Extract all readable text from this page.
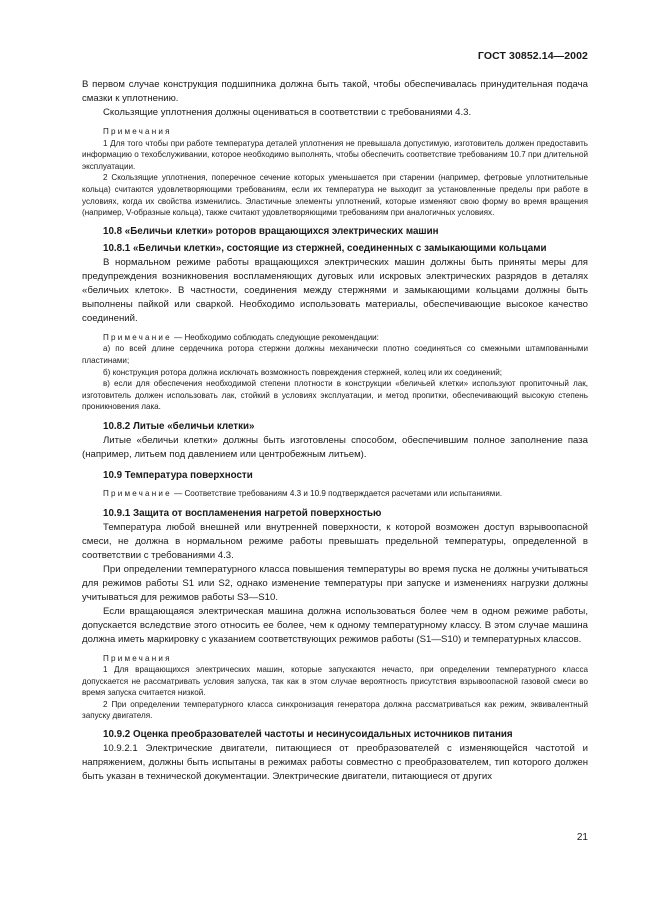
ГОСТ 30852.14—2002

В первом случае конструкция подшипника должна быть такой, чтобы обеспечивалась принудительная подача смазки к уплотнению.

Скользящие уплотнения должны оцениваться в соответствии с требованиями 4.3.

Примечания

1 Для того чтобы при работе температура деталей уплотнения не превышала допустимую, изготовитель должен предоставить информацию о техобслуживании, которое необходимо выполнять, чтобы обеспечить соответствие требованиям 10.7 при длительной эксплуатации.

2 Скользящие уплотнения, поперечное сечение которых уменьшается при старении (например, фетровые уплотнительные кольца) считаются удовлетворяющими требованиям, если их температура не выходит за установленные пределы при работе в условиях, когда их свойства изменились. Эластичные элементы уплотнений, которые изменяют свою форму во время вращения (например, V-образные кольца), также считают удовлетворяющими требованиям при аналогичных условиях.

10.8 «Беличьи клетки» роторов вращающихся электрических машин

10.8.1 «Беличьи клетки», состоящие из стержней, соединенных с замыкающими кольцами

В нормальном режиме работы вращающихся электрических машин должны быть приняты меры для предупреждения возникновения воспламеняющих дуговых или искровых электрических разрядов в деталях «беличьих клеток». В частности, соединения между стержнями и замыкающими кольцами должны быть выполнены пайкой или сваркой. Необходимо использовать материалы, обеспечивающие высокое качество соединений.

Примечание — Необходимо соблюдать следующие рекомендации:

а) по всей длине сердечника ротора стержни должны механически плотно соединяться со смежными штампованными пластинами;

б) конструкция ротора должна исключать возможность повреждения стержней, колец или их соединений;

в) если для обеспечения необходимой степени плотности в конструкции «беличьей клетки» используют пропиточный лак, изготовитель должен использовать лак, стойкий в условиях эксплуатации, и метод пропитки, обеспечивающий высокую степень проникновения лака.

10.8.2 Литые «беличьи клетки»

Литые «беличьи клетки» должны быть изготовлены способом, обеспечившим полное заполнение паза (например, литьем под давлением или центробежным литьем).

10.9 Температура поверхности

Примечание — Соответствие требованиям 4.3 и 10.9 подтверждается расчетами или испытаниями.

10.9.1 Защита от воспламенения нагретой поверхностью

Температура любой внешней или внутренней поверхности, к которой возможен доступ взрывоопасной смеси, не должна в нормальном режиме работы превышать предельной температуры, определенной в соответствии с требованиями 4.3.

При определении температурного класса повышения температуры во время пуска не должны учитываться для режимов работы S1 или S2, однако изменение температуры при запуске и изменениях нагрузки должны учитываться для режимов работы S3—S10.

Если вращающаяся электрическая машина должна использоваться более чем в одном режиме работы, допускается вследствие этого относить ее более, чем к одному температурному классу. В этом случае машина должна иметь маркировку с указанием соответствующих режимов работы (S1—S10) и температурных классов.

Примечания

1 Для вращающихся электрических машин, которые запускаются нечасто, при определении температурного класса допускается не рассматривать условия запуска, так как в этом случае вероятность присутствия взрывоопасной газовой смеси во время запуска считается низкой.

2 При определении температурного класса синхронизация генератора должна рассматриваться как режим, эквивалентный запуску двигателя.

10.9.2 Оценка преобразователей частоты и несинусоидальных источников питания

10.9.2.1 Электрические двигатели, питающиеся от преобразователей с изменяющейся частотой и напряжением, должны быть испытаны в режимах работы совместно с преобразователем, тип которого должен быть указан в технической документации. Электрические двигатели, питающиеся от других

21
